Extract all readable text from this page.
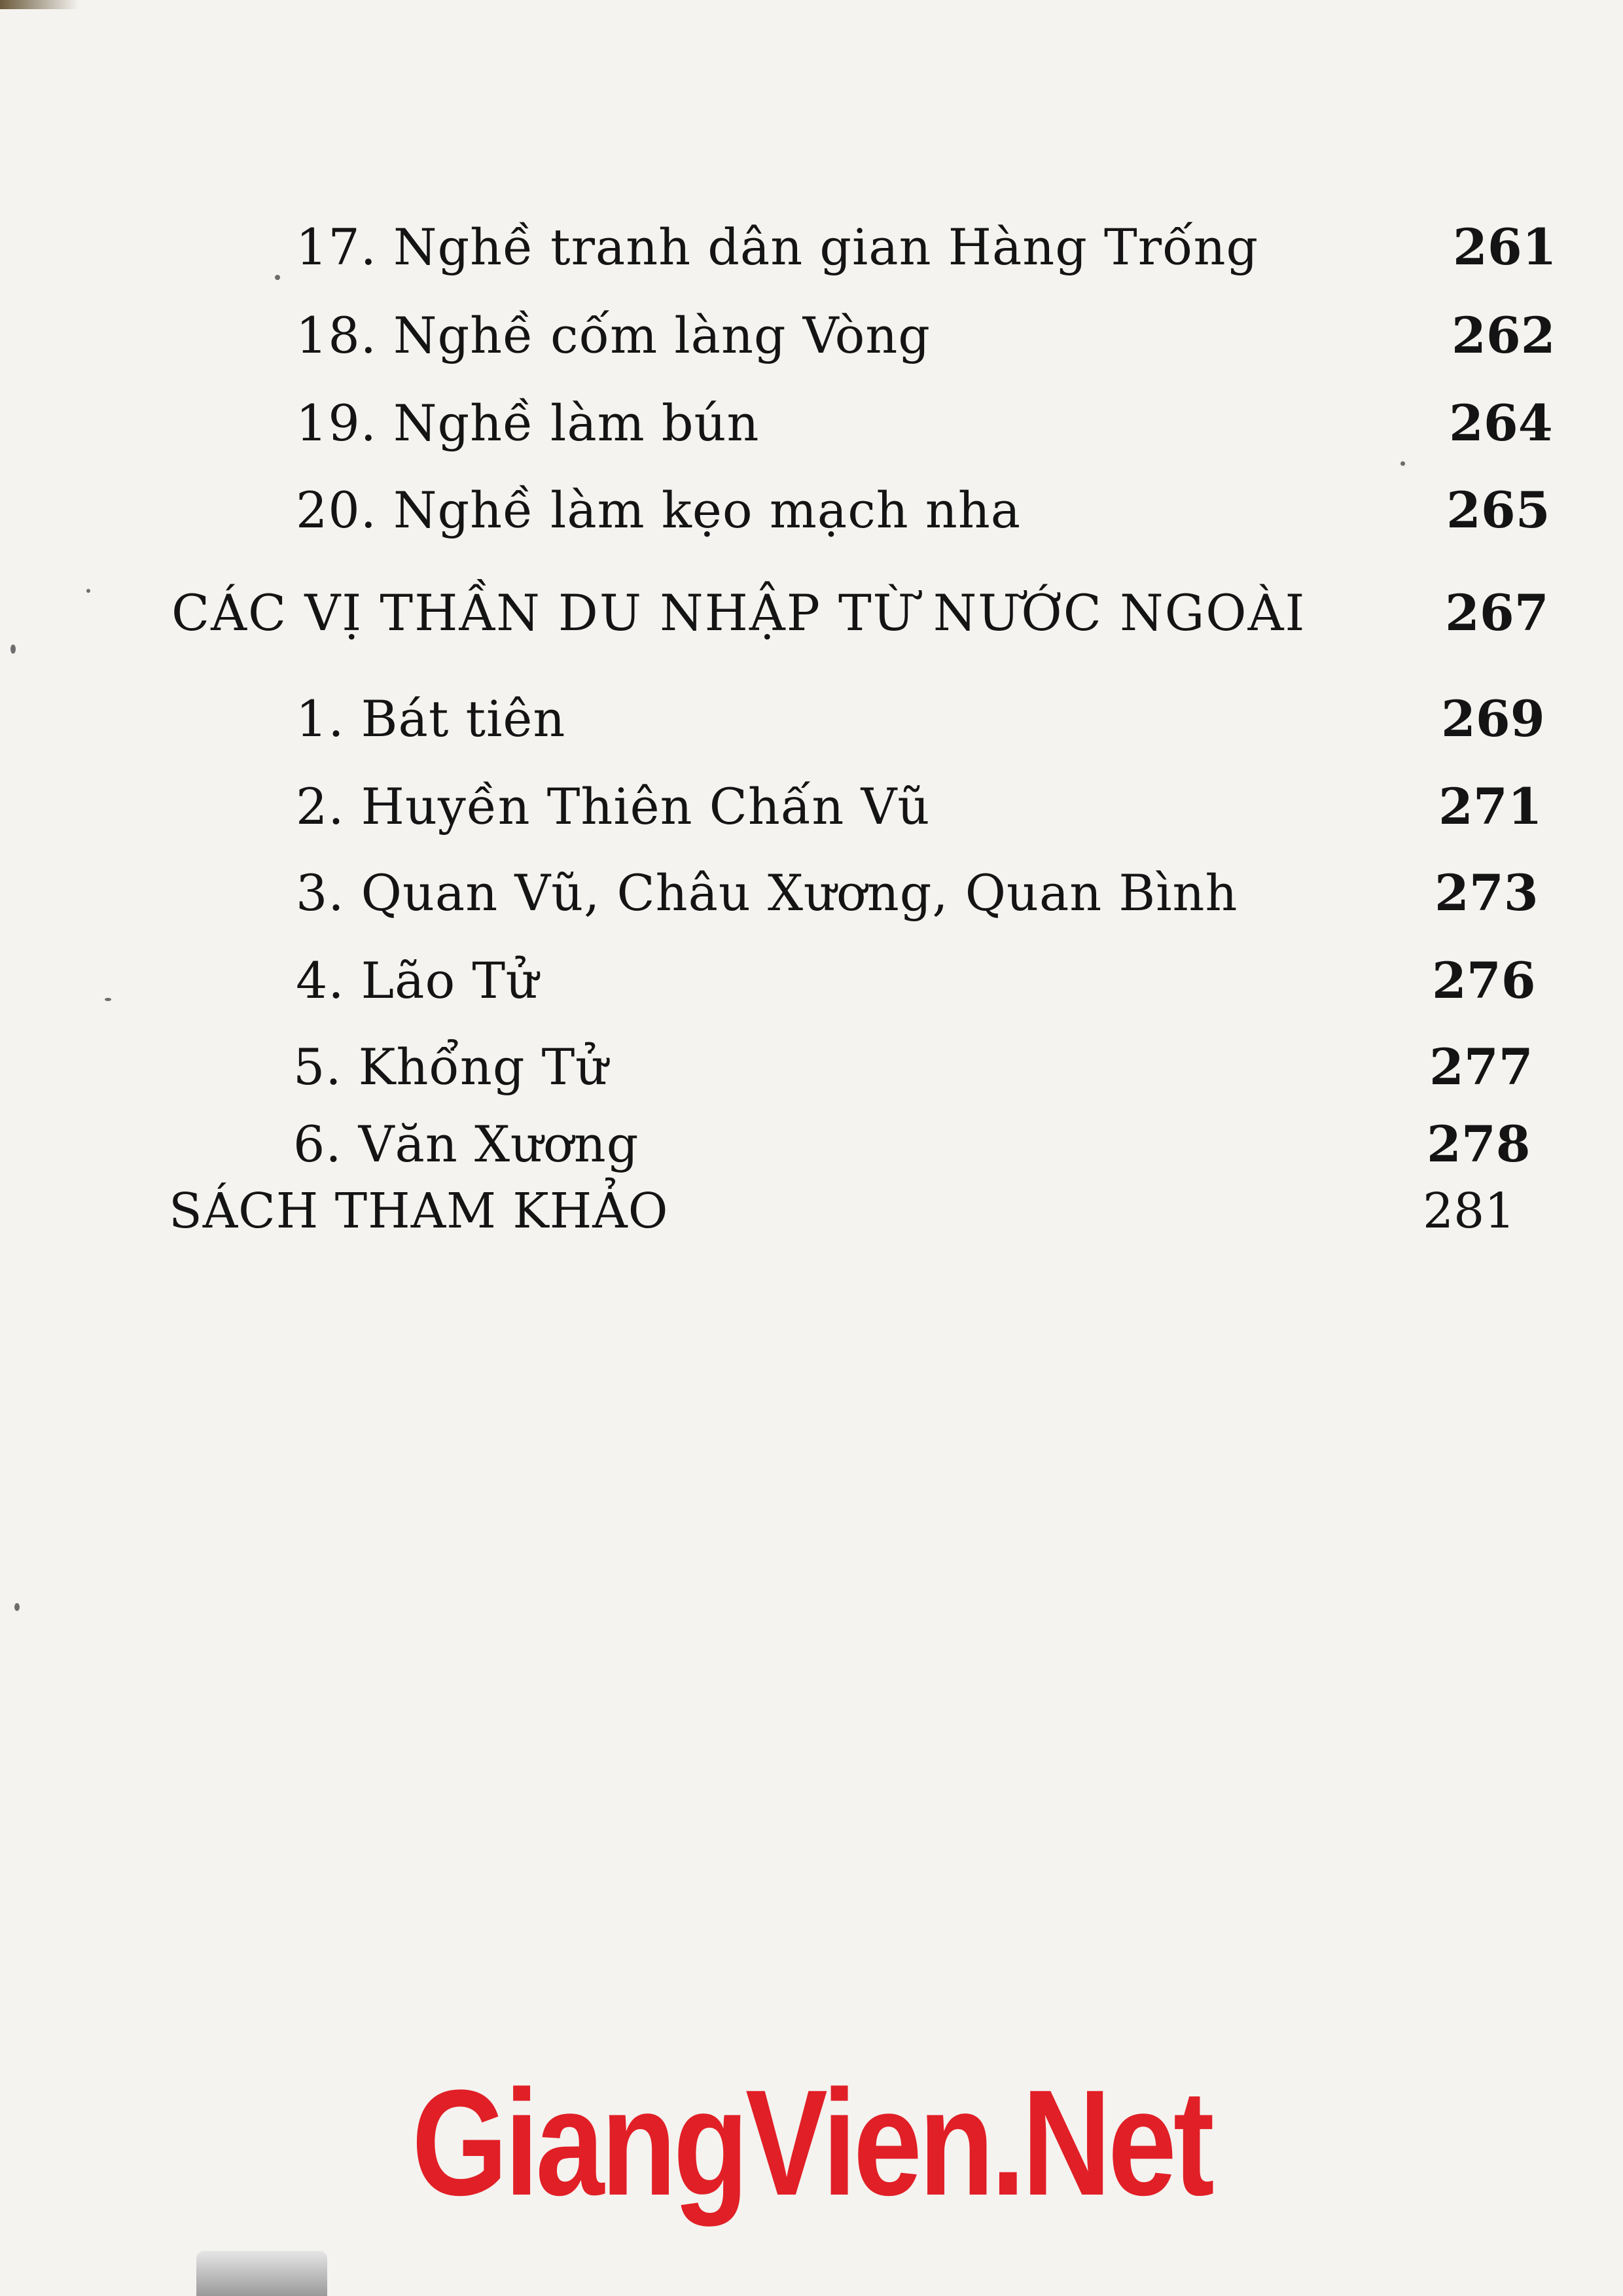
17. Nghề tranh dân gian Hàng Trống	261
18. Nghề cốm làng Vòng	262
19. Nghề làm bún	264
20. Nghề làm kẹo mạch nha	265
CÁC VỊ THẦN DU NHẬP TỪ NƯỚC NGOÀI	267
1. Bát tiên	269
2. Huyền Thiên Chấn Vũ	271
3. Quan Vũ, Châu Xương, Quan Bình	273
4. Lão Tử	276
5. Khổng Tử	277
6. Văn Xương	278
SÁCH THAM KHẢO	281
GiangVien.Net
